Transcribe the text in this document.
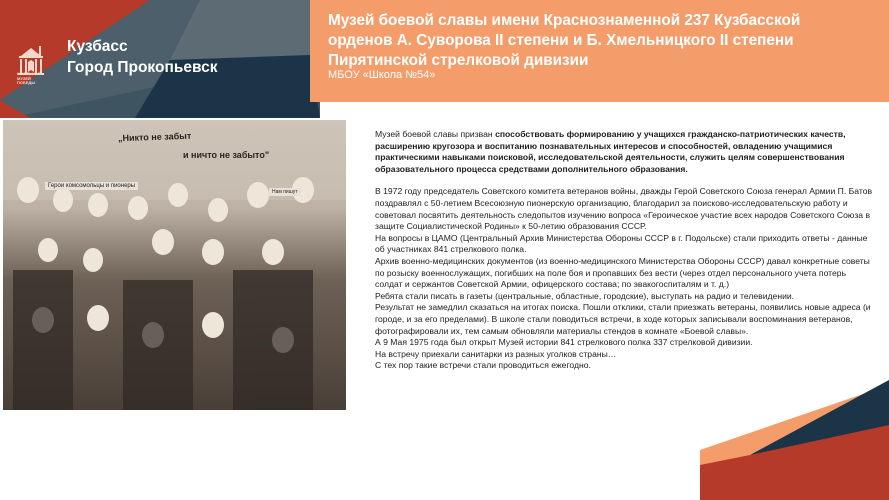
ШКОЛЬНЫЙ МУЗЕЙ ПОБЕДЫ
Кузбасс
Город Прокопьевск
Музей боевой славы имени Краснознаменной 237 Кузбасской
орденов А. Суворова II степени и Б. Хмельницкого II степени
Пирятинской стрелковой дивизии
МБОУ «Школа №54»
„Никто не забыт
и ничто не забыто"
Герои комсомольцы и пионеры
Нам пишут

Музей боевой славы призван способствовать формированию у учащихся гражданско-патриотических качеств, расширению кругозора и воспитанию познавательных интересов и способностей, овладению учащимися практическими навыками поисковой, исследовательской деятельности, служить целям совершенствования образовательного процесса средствами дополнительного образования.

В 1972 году председатель Советского комитета ветеранов войны, дважды Герой Советского Союза генерал Армии П. Батов поздравлял с 50-летием Всесоюзную пионерскую организацию, благодарил за поисково-исследовательскую работу и советовал посвятить деятельность следопытов изучению вопроса «Героическое участие всех народов Советского Союза в защите Социалистической Родины» к 50-летию образования СССР.

На вопросы в ЦАМО (Центральный Архив Министерства Обороны СССР в г. Подольске) стали приходить ответы - данные об участниках 841 стрелкового полка.

Архив военно-медицинских документов (из военно-медицинского Министерства Обороны СССР) давал конкретные советы по розыску военнослужащих, погибших на поле боя и пропавших без вести (через отдел персонального учета потерь солдат и сержантов Советской Армии, офицерского состава; по эвакогоспиталям и т. д.)

Ребята стали писать в газеты (центральные, областные, городские), выступать на радио и телевидении.

Результат не замедлил сказаться на итогах поиска. Пошли отклики, стали приезжать ветераны, появились новые адреса (и городе, и за его пределами). В школе стали поводиться встречи, в ходе которых записывали воспоминания ветеранов, фотографировали их, тем самым обновляли материалы стендов в комнате «Боевой славы».

А 9 Мая 1975 года был открыт Музей истории 841 стрелкового полка 337 стрелковой дивизии.

На встречу приехали санитарки из разных уголков страны…

С тех пор такие встречи стали проводиться ежегодно.
